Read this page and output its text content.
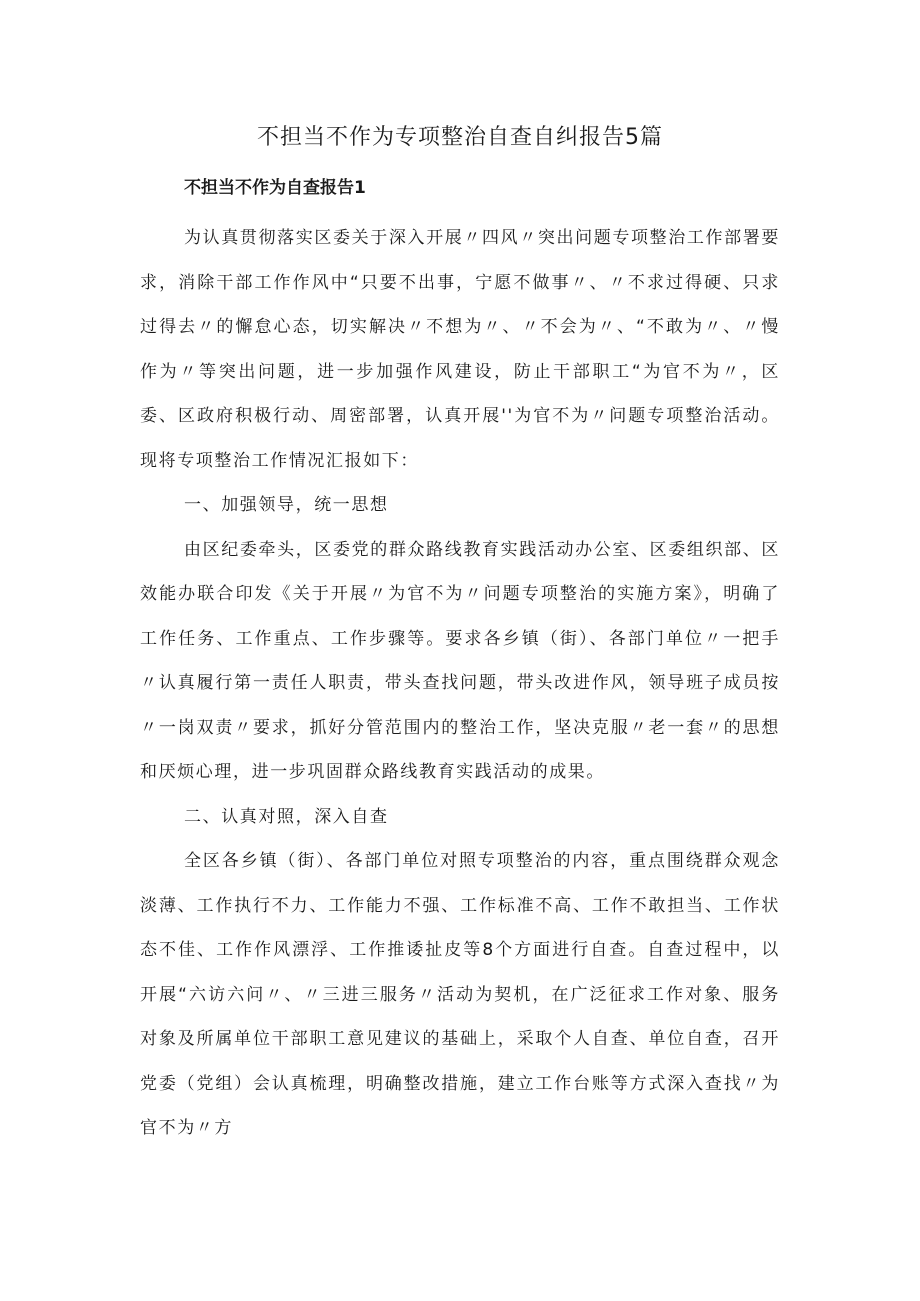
不担当不作为专项整治自查自纠报告5篇

不担当不作为自查报告1

为认真贯彻落实区委关于深入开展〃四风〃突出问题专项整治工作部署要求，消除干部工作作风中“只要不出事，宁愿不做事〃、〃不求过得硬、只求过得去〃的懈怠心态，切实解决〃不想为〃、〃不会为〃、“不敢为〃、〃慢作为〃等突出问题，进一步加强作风建设，防止干部职工“为官不为〃，区委、区政府积极行动、周密部署，认真开展''为官不为〃问题专项整治活动。现将专项整治工作情况汇报如下：

一、加强领导，统一思想

由区纪委牵头，区委党的群众路线教育实践活动办公室、区委组织部、区效能办联合印发《关于开展〃为官不为〃问题专项整治的实施方案》，明确了工作任务、工作重点、工作步骤等。要求各乡镇（街）、各部门单位〃一把手〃认真履行第一责任人职责，带头查找问题，带头改进作风，领导班子成员按〃一岗双责〃要求，抓好分管范围内的整治工作，坚决克服〃老一套〃的思想和厌烦心理，进一步巩固群众路线教育实践活动的成果。

二、认真对照，深入自查

全区各乡镇（街）、各部门单位对照专项整治的内容，重点围绕群众观念淡薄、工作执行不力、工作能力不强、工作标准不高、工作不敢担当、工作状态不佳、工作作风漂浮、工作推诿扯皮等8个方面进行自查。自查过程中，以开展“六访六问〃、〃三进三服务〃活动为契机，在广泛征求工作对象、服务对象及所属单位干部职工意见建议的基础上，采取个人自查、单位自查，召开党委（党组）会认真梳理，明确整改措施，建立工作台账等方式深入查找〃为官不为〃方
